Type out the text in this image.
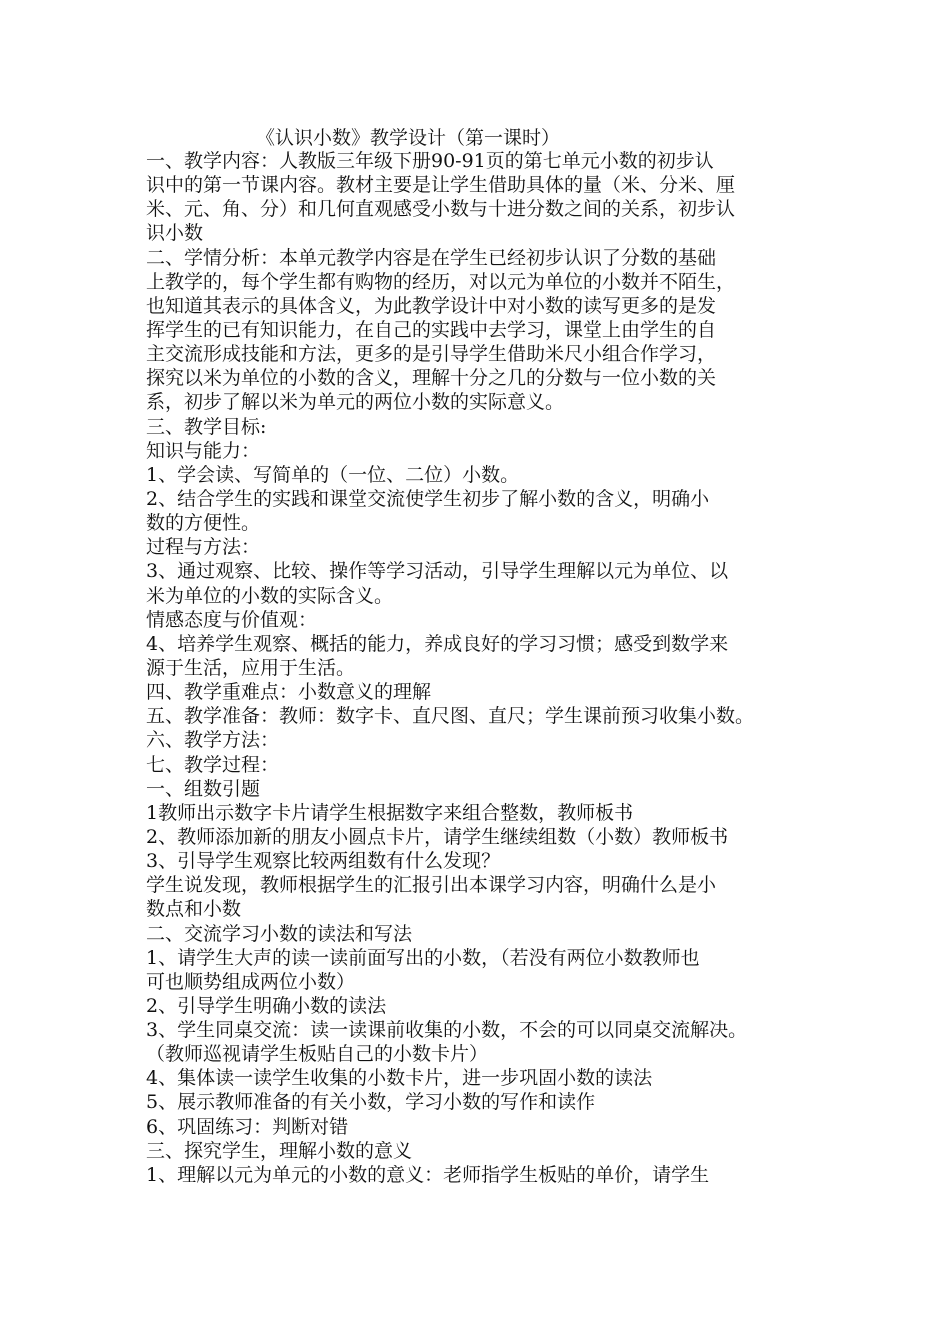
《认识小数》教学设计（第一课时）
一、教学内容：人教版三年级下册90-91页的第七单元小数的初步认
识中的第一节课内容。教材主要是让学生借助具体的量（米、分米、厘
米、元、角、分）和几何直观感受小数与十进分数之间的关系，初步认
识小数
二、学情分析：本单元教学内容是在学生已经初步认识了分数的基础
上教学的，每个学生都有购物的经历，对以元为单位的小数并不陌生，
也知道其表示的具体含义，为此教学设计中对小数的读写更多的是发
挥学生的已有知识能力，在自己的实践中去学习，课堂上由学生的自
主交流形成技能和方法，更多的是引导学生借助米尺小组合作学习，
探究以米为单位的小数的含义，理解十分之几的分数与一位小数的关
系，初步了解以米为单元的两位小数的实际意义。
三、教学目标:
知识与能力：
1、学会读、写简单的（一位、二位）小数。
2、结合学生的实践和课堂交流使学生初步了解小数的含义，明确小
数的方便性。
过程与方法：
3、通过观察、比较、操作等学习活动，引导学生理解以元为单位、以
米为单位的小数的实际含义。
情感态度与价值观：
4、培养学生观察、概括的能力，养成良好的学习习惯；感受到数学来
源于生活，应用于生活。
四、教学重难点：小数意义的理解
五、教学准备：教师：数字卡、直尺图、直尺；学生课前预习收集小数。
六、教学方法：
七、教学过程：
一、组数引题
1教师出示数字卡片请学生根据数字来组合整数，教师板书
2、教师添加新的朋友小圆点卡片，请学生继续组数（小数）教师板书
3、引导学生观察比较两组数有什么发现？
学生说发现，教师根据学生的汇报引出本课学习内容，明确什么是小
数点和小数
二、交流学习小数的读法和写法
1、请学生大声的读一读前面写出的小数，（若没有两位小数教师也
可也顺势组成两位小数）
2、引导学生明确小数的读法
3、学生同桌交流：读一读课前收集的小数，不会的可以同桌交流解决。
（教师巡视请学生板贴自己的小数卡片）
4、集体读一读学生收集的小数卡片，进一步巩固小数的读法
5、展示教师准备的有关小数，学习小数的写作和读作
6、巩固练习：判断对错
三、探究学生，理解小数的意义
1、理解以元为单元的小数的意义：老师指学生板贴的单价，请学生
